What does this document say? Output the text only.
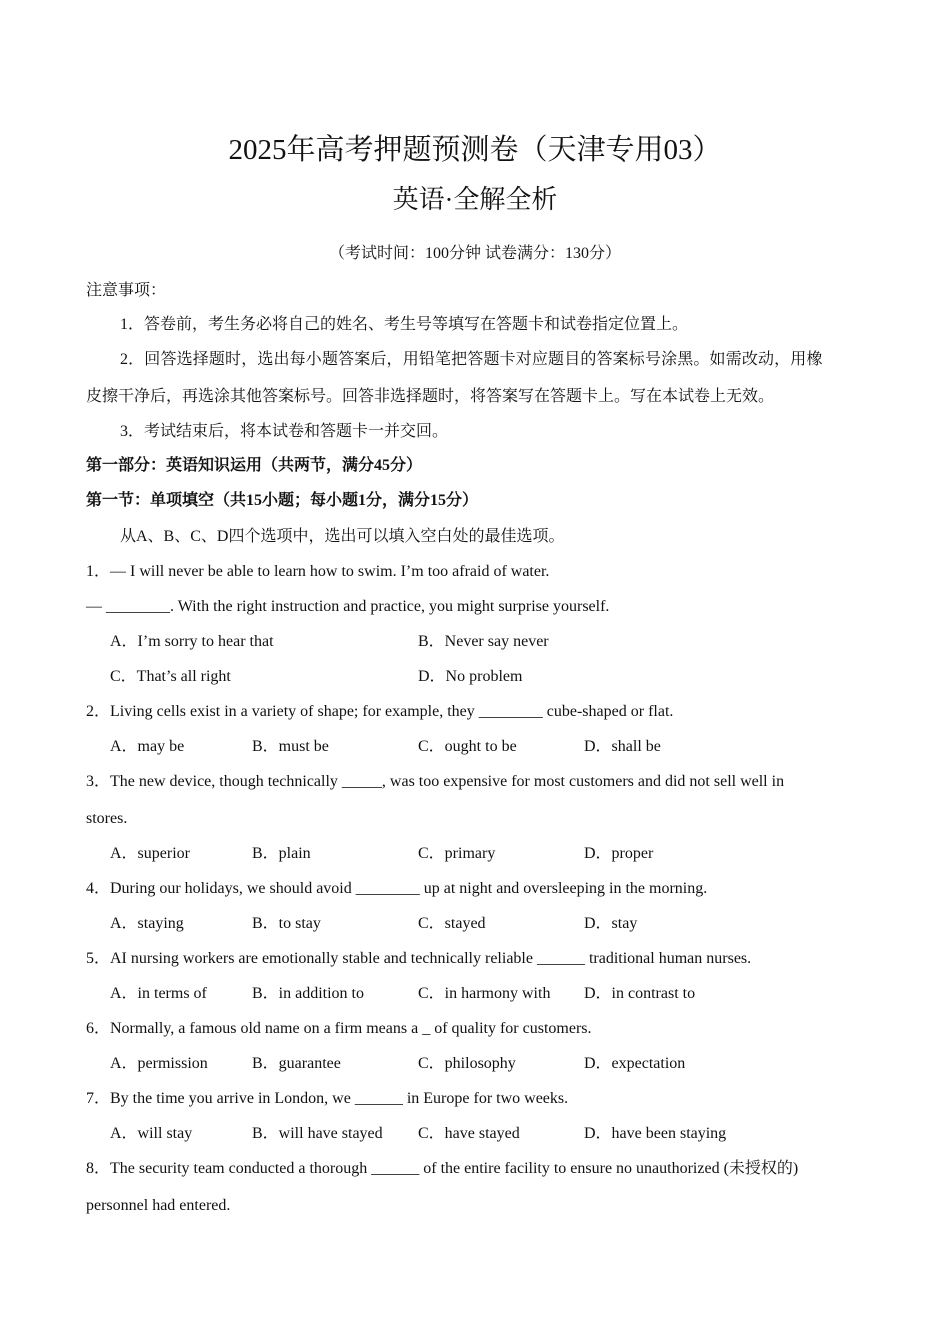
2025年高考押题预测卷（天津专用03）
英语·全解全析
（考试时间：100分钟 试卷满分：130分）
注意事项：
1．答卷前，考生务必将自己的姓名、考生号等填写在答题卡和试卷指定位置上。
2．回答选择题时，选出每小题答案后，用铅笔把答题卡对应题目的答案标号涂黑。如需改动，用橡
皮擦干净后，再选涂其他答案标号。回答非选择题时，将答案写在答题卡上。写在本试卷上无效。
3．考试结束后，将本试卷和答题卡一并交回。
第一部分：英语知识运用（共两节，满分45分）
第一节：单项填空（共15小题；每小题1分，满分15分）
从A、B、C、D四个选项中，选出可以填入空白处的最佳选项。
1．— I will never be able to learn how to swim. I’m too afraid of water.
— ________. With the right instruction and practice, you might surprise yourself.
A．I’m sorry to hear that	B．Never say never
C．That’s all right	D．No problem
2．Living cells exist in a variety of shape; for example, they ________ cube-shaped or flat.
A．may be	B．must be	C．ought to be	D．shall be
3．The new device, though technically _____, was too expensive for most customers and did not sell well in
stores.
A．superior	B．plain	C．primary	D．proper
4．During our holidays, we should avoid ________ up at night and oversleeping in the morning.
A．staying	B．to stay	C．stayed	D．stay
5．AI nursing workers are emotionally stable and technically reliable ______ traditional human nurses.
A．in terms of	B．in addition to	C．in harmony with D．in contrast to
6．Normally, a famous old name on a firm means a _ of quality for customers.
A．permission	B．guarantee	C．philosophy	D．expectation
7．By the time you arrive in London, we ______ in Europe for two weeks.
A．will stay	B．will have stayed C．have stayed	D．have been staying
8．The security team conducted a thorough ______ of the entire facility to ensure no unauthorized (未授权的)
personnel had entered.
